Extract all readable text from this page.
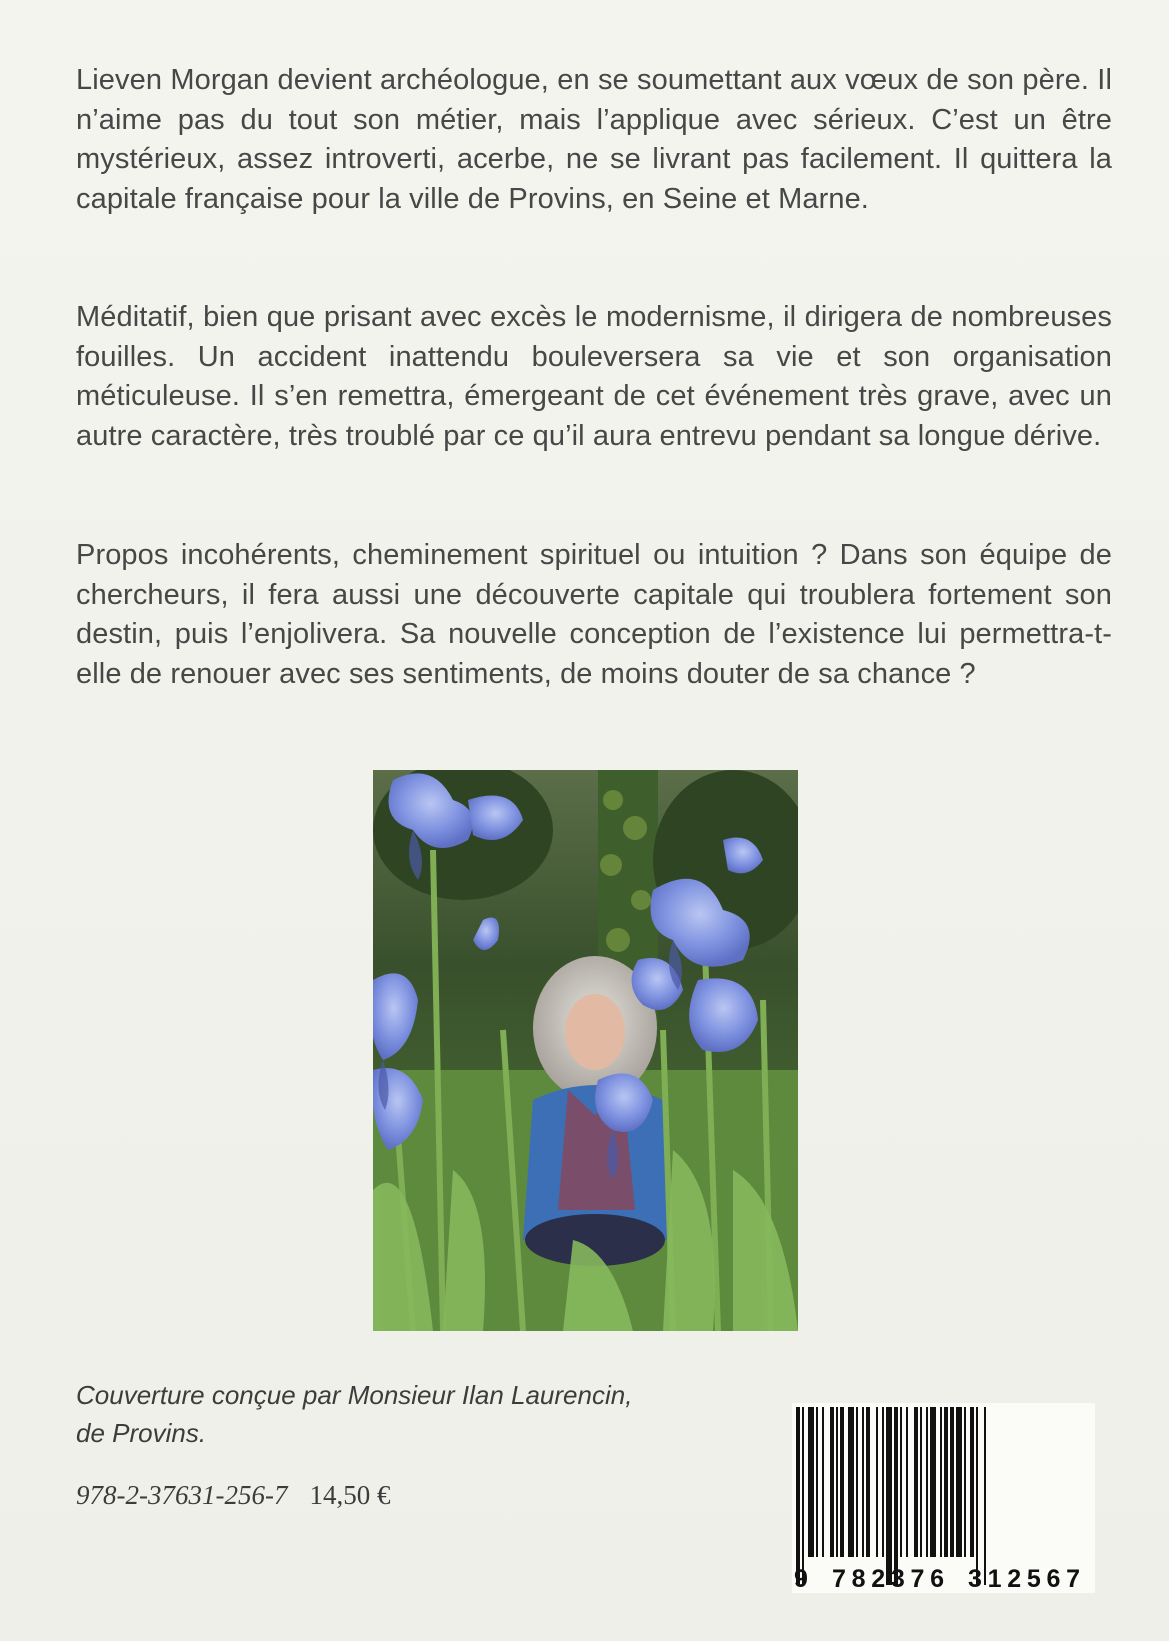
Lieven Morgan devient archéologue, en se soumettant aux vœux de son père. Il n’aime pas du tout son métier, mais l’applique avec sérieux. C’est un être mystérieux, assez introverti, acerbe, ne se livrant pas facilement. Il quittera la capitale française pour la ville de Provins, en Seine et Marne.

Méditatif, bien que prisant avec excès le modernisme, il dirigera de nombreuses fouilles. Un accident inattendu bouleversera sa vie et son organisation méticuleuse. Il s’en remettra, émergeant de cet événement très grave, avec un autre caractère, très troublé par ce qu’il aura entrevu pendant sa longue dérive.

Propos incohérents, cheminement spirituel ou intuition ? Dans son équipe de chercheurs, il fera aussi une découverte capitale qui troublera fortement son destin, puis l’enjolivera. Sa nouvelle conception de l’existence lui permettra-t-elle de renouer avec ses sentiments, de moins douter de sa chance ?

Couverture conçue par Monsieur Ilan Laurencin,
de Provins.
978-2-37631-256-7 14,50 €
9 782376 312567
